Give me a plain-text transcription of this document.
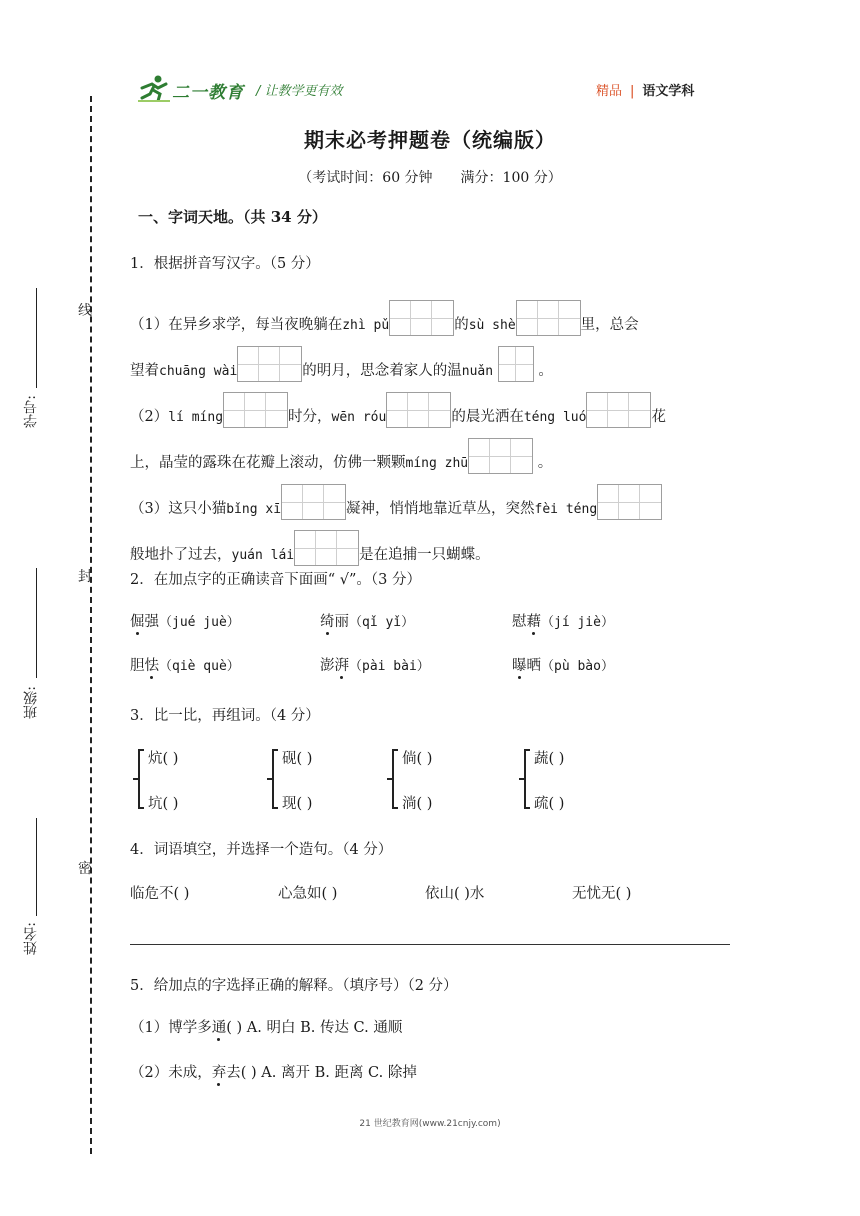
二一教育 / 让教学更有效	精品 | 语文学科
线
封
密
学号:
班级:
姓名:
期末必考押题卷（统编版）
（考试时间：60 分钟 满分：100 分）
一、字词天地。（共 34 分）
1．根据拼音写汉字。（5 分）
（1）在异乡求学，每当夜晚躺在zhì pǔ	的sù shè	里，总会
望着chuāng wài	的明月，思念着家人的温nuǎn	。
（2）lí míng	时分，wēn róu	的晨光洒在téng luó	花
上，晶莹的露珠在花瓣上滚动，仿佛一颗颗míng zhū	。
（3）这只小猫bǐng xī	凝神，悄悄地靠近草丛，突然fèi téng
般地扑了过去，yuán lái	是在追捕一只蝴蝶。
2．在加点字的正确读音下面画“ √”。（3 分）
倔强（jué juè）	绮丽（qǐ yǐ）	慰藉（jí jiè）
胆怯（qiè què）	澎湃（pài bài）	曝晒（pù bào）
3．比一比，再组词。（4 分）
炕( )
坑( )
砚( )
现( )
倘( )
淌( )
蔬( )
疏( )
4．词语填空，并选择一个造句。（4 分）
临危不( )	心急如( )	依山( )水	无忧无( )
5．给加点的字选择正确的解释。（填序号）（2 分）
（1）博学多通( ) A. 明白 B. 传达 C. 通顺
（2）未成，弃去( ) A. 离开 B. 距离 C. 除掉
21 世纪教育网(www.21cnjy.com)
